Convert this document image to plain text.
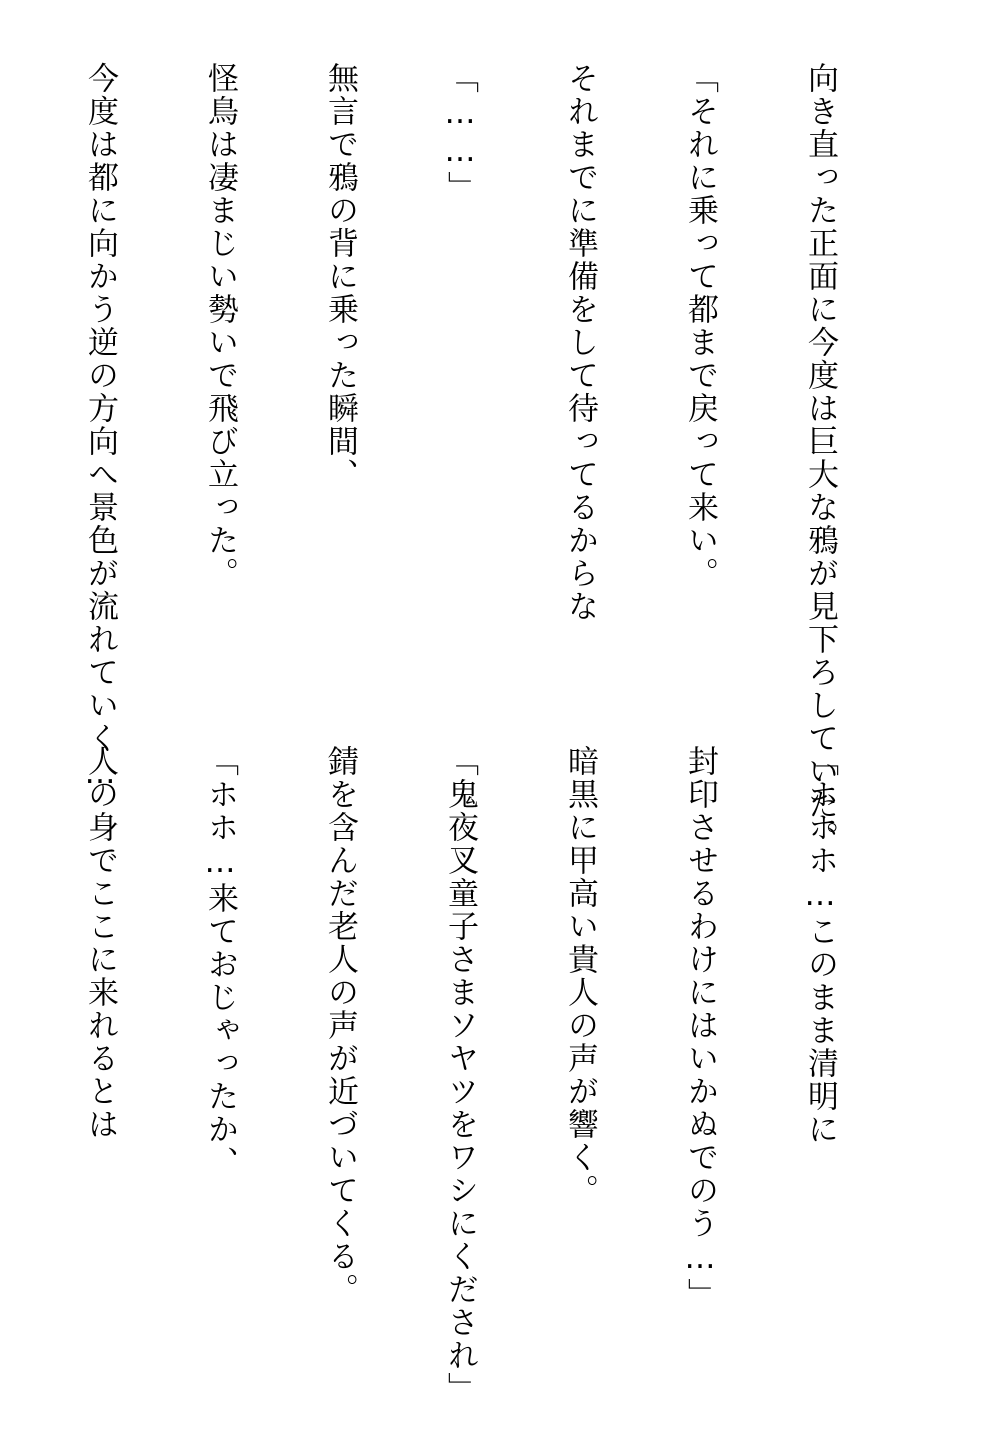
向き直った正面に今度は巨大な鴉が見下ろしていた。

「それに乗って都まで戻って来い。

それまでに準備をして待ってるからな

「……」

無言で鴉の背に乗った瞬間、

怪鳥は凄まじい勢いで飛び立った。

今度は都に向かう逆の方向へ景色が流れていく…

「ホホホ…このまま清明に

封印させるわけにはいかぬでのう…」

暗黒に甲高い貴人の声が響く。

「鬼夜叉童子さまソヤツをワシにくだされ」

錆を含んだ老人の声が近づいてくる。

「ホホ…来ておじゃったか、

人の身でここに来れるとは
